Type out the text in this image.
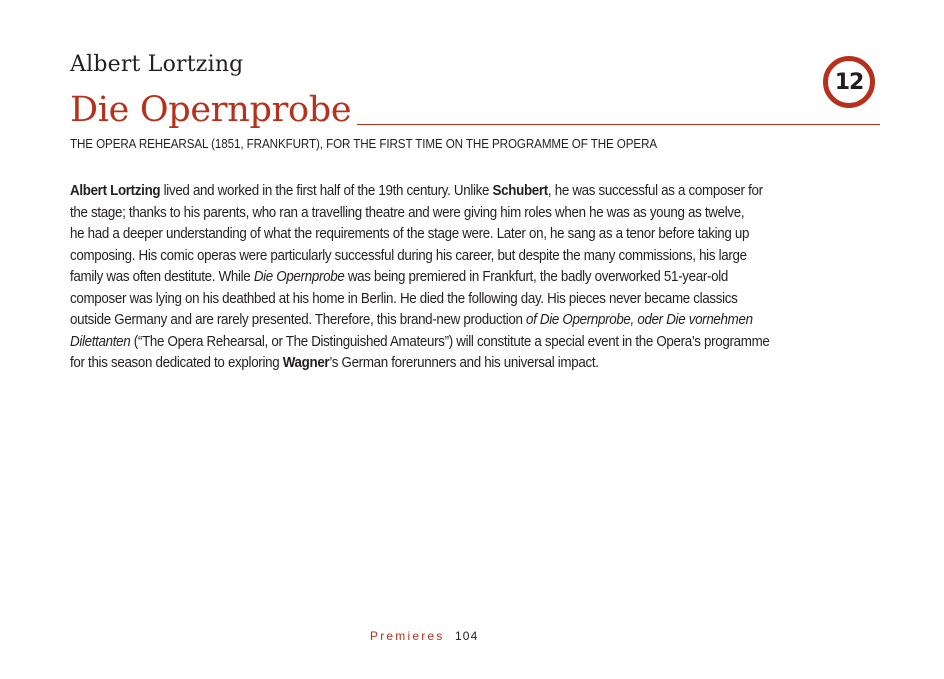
Albert Lortzing
12
Die Opernprobe
THE OPERA REHEARSAL (1851, FRANKFURT), FOR THE FIRST TIME ON THE PROGRAMME OF THE OPERA
Albert Lortzing lived and worked in the first half of the 19th century. Unlike Schubert, he was successful as a composer for
the stage; thanks to his parents, who ran a travelling theatre and were giving him roles when he was as young as twelve,
he had a deeper understanding of what the requirements of the stage were. Later on, he sang as a tenor before taking up
composing. His comic operas were particularly successful during his career, but despite the many commissions, his large
family was often destitute. While Die Opernprobe was being premiered in Frankfurt, the badly overworked 51-year-old
composer was lying on his deathbed at his home in Berlin. He died the following day. His pieces never became classics
outside Germany and are rarely presented. Therefore, this brand-new production of Die Opernprobe, oder Die vornehmen
Dilettanten (“The Opera Rehearsal, or The Distinguished Amateurs”) will constitute a special event in the Opera’s programme
for this season dedicated to exploring Wagner’s German forerunners and his universal impact.
Premieres 104
